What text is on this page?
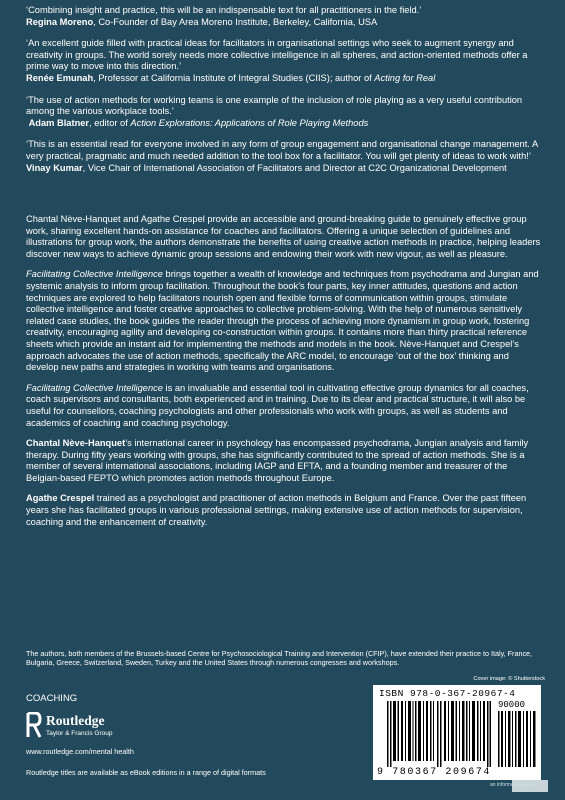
‘Combining insight and practice, this will be an indispensable text for all practitioners in the field.’
Regina Moreno, Co-Founder of Bay Area Moreno Institute, Berkeley, California, USA
‘An excellent guide filled with practical ideas for facilitators in organisational settings who seek to augment synergy and creativity in groups. The world sorely needs more collective intelligence in all spheres, and action-oriented methods offer a prime way to move into this direction.’
Renée Emunah, Professor at California Institute of Integral Studies (CIIS); author of Acting for Real
‘The use of action methods for working teams is one example of the inclusion of role playing as a very useful contribution among the various workplace tools.’
Adam Blatner, editor of Action Explorations: Applications of Role Playing Methods
‘This is an essential read for everyone involved in any form of group engagement and organisational change management. A very practical, pragmatic and much needed addition to the tool box for a facilitator. You will get plenty of ideas to work with!’
Vinay Kumar, Vice Chair of International Association of Facilitators and Director at C2C Organizational Development
Chantal Nève-Hanquet and Agathe Crespel provide an accessible and ground-breaking guide to genuinely effective group work, sharing excellent hands-on assistance for coaches and facilitators. Offering a unique selection of guidelines and illustrations for group work, the authors demonstrate the benefits of using creative action methods in practice, helping leaders discover new ways to achieve dynamic group sessions and endowing their work with new vigour, as well as pleasure.
Facilitating Collective Intelligence brings together a wealth of knowledge and techniques from psychodrama and Jungian and systemic analysis to inform group facilitation. Throughout the book’s four parts, key inner attitudes, questions and action techniques are explored to help facilitators nourish open and flexible forms of communication within groups, stimulate collective intelligence and foster creative approaches to collective problem-solving. With the help of numerous sensitively related case studies, the book guides the reader through the process of achieving more dynamism in group work, fostering creativity, encouraging agility and developing co-construction within groups. It contains more than thirty practical reference sheets which provide an instant aid for implementing the methods and models in the book. Nève-Hanquet and Crespel’s approach advocates the use of action methods, specifically the ARC model, to encourage ‘out of the box’ thinking and develop new paths and strategies in working with teams and organisations.
Facilitating Collective Intelligence is an invaluable and essential tool in cultivating effective group dynamics for all coaches, coach supervisors and consultants, both experienced and in training. Due to its clear and practical structure, it will also be useful for counsellors, coaching psychologists and other professionals who work with groups, as well as students and academics of coaching and coaching psychology.
Chantal Nève-Hanquet’s international career in psychology has encompassed psychodrama, Jungian analysis and family therapy. During fifty years working with groups, she has significantly contributed to the spread of action methods. She is a member of several international associations, including IAGP and EFTA, and a founding member and treasurer of the Belgian-based FEPTO which promotes action methods throughout Europe.
Agathe Crespel trained as a psychologist and practitioner of action methods in Belgium and France. Over the past fifteen years she has facilitated groups in various professional settings, making extensive use of action methods for supervision, coaching and the enhancement of creativity.
The authors, both members of the Brussels-based Centre for Psychosociological Training and Intervention (CFIP), have extended their practice to Italy, France, Bulgaria, Greece, Switzerland, Sweden, Turkey and the United States through numerous congresses and workshops.
Cover image: © Shutterstock
COACHING
Routledge
Taylor & Francis Group
www.routledge.com/mental health
Routledge titles are available as eBook editions in a range of digital formats
ISBN 978-0-367-20967-4
90000
9 780367 209674
an informa business
